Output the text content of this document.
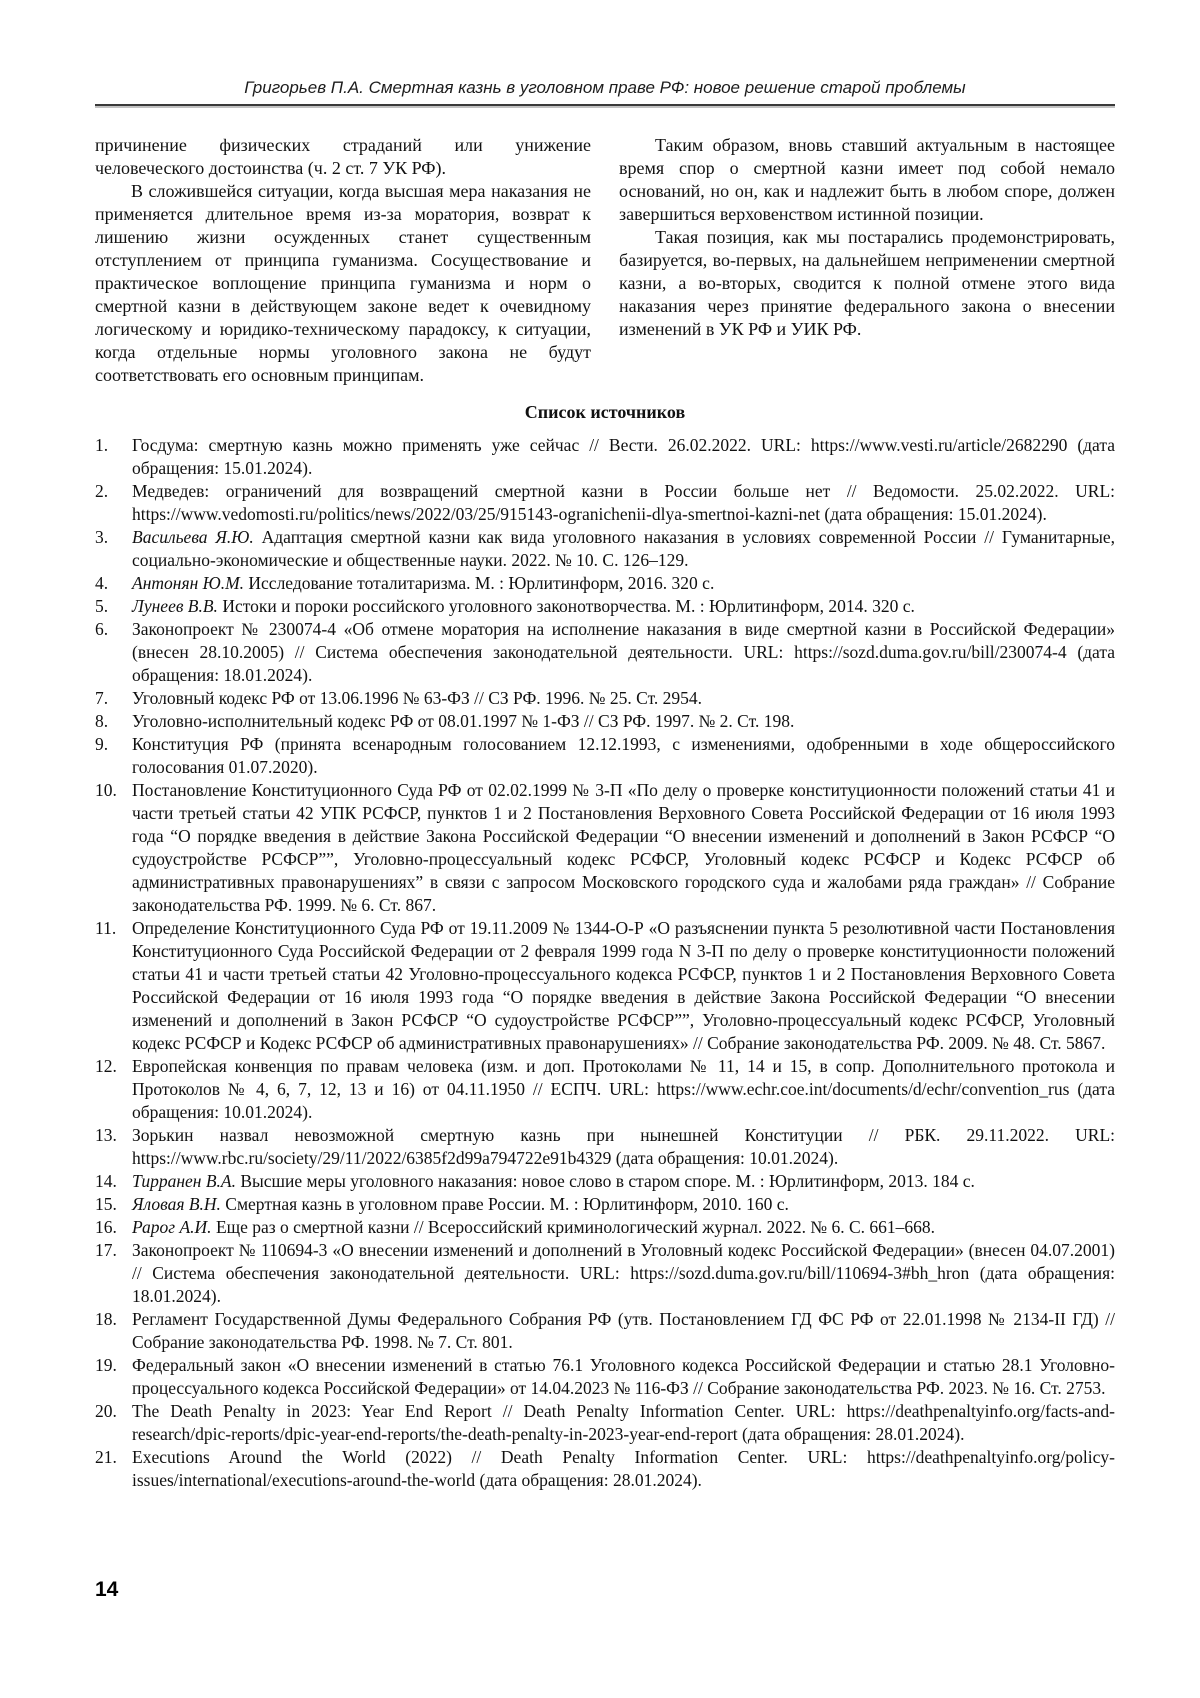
Григорьев П.А. Смертная казнь в уголовном праве РФ: новое решение старой проблемы

причинение физических страданий или унижение человеческого достоинства (ч. 2 ст. 7 УК РФ).

В сложившейся ситуации, когда высшая мера наказания не применяется длительное время из-за моратория, возврат к лишению жизни осужденных станет существенным отступлением от принципа гуманизма. Сосуществование и практическое воплощение принципа гуманизма и норм о смертной казни в действующем законе ведет к очевидному логическому и юридико-техническому парадоксу, к ситуации, когда отдельные нормы уголовного закона не будут соответствовать его основным принципам.

Таким образом, вновь ставший актуальным в настоящее время спор о смертной казни имеет под собой немало оснований, но он, как и надлежит быть в любом споре, должен завершиться верховенством истинной позиции.

Такая позиция, как мы постарались продемонстрировать, базируется, во-первых, на дальнейшем неприменении смертной казни, а во-вторых, сводится к полной отмене этого вида наказания через принятие федерального закона о внесении изменений в УК РФ и УИК РФ.

Список источников
1.	Госдума: смертную казнь можно применять уже сейчас // Вести. 26.02.2022. URL: https://www.vesti.ru/article/2682290 (дата обращения: 15.01.2024).
2.	Медведев: ограничений для возвращений смертной казни в России больше нет // Ведомости. 25.02.2022. URL: https://www.vedomosti.ru/politics/news/2022/03/25/915143-ogranichenii-dlya-smertnoi-kazni-net (дата обращения: 15.01.2024).
3.	Васильева Я.Ю. Адаптация смертной казни как вида уголовного наказания в условиях современной России // Гуманитарные, социально-экономические и общественные науки. 2022. № 10. С. 126–129.
4.	Антонян Ю.М. Исследование тоталитаризма. М. : Юрлитинформ, 2016. 320 с.
5.	Лунеев В.В. Истоки и пороки российского уголовного законотворчества. М. : Юрлитинформ, 2014. 320 с.
6.	Законопроект № 230074-4 «Об отмене моратория на исполнение наказания в виде смертной казни в Российской Федерации» (внесен 28.10.2005) // Система обеспечения законодательной деятельности. URL: https://sozd.duma.gov.ru/bill/230074-4 (дата обращения: 18.01.2024).
7.	Уголовный кодекс РФ от 13.06.1996 № 63-ФЗ // СЗ РФ. 1996. № 25. Ст. 2954.
8.	Уголовно-исполнительный кодекс РФ от 08.01.1997 № 1-ФЗ // СЗ РФ. 1997. № 2. Ст. 198.
9.	Конституция РФ (принята всенародным голосованием 12.12.1993, с изменениями, одобренными в ходе общероссийского голосования 01.07.2020).
10. Постановление Конституционного Суда РФ от 02.02.1999 № 3-П «По делу о проверке конституционности положений статьи 41 и части третьей статьи 42 УПК РСФСР, пунктов 1 и 2 Постановления Верховного Совета Российской Федерации от 16 июля 1993 года “О порядке введения в действие Закона Российской Федерации “О внесении изменений и дополнений в Закон РСФСР “О судоустройстве РСФСР””, Уголовно-процессуальный кодекс РСФСР, Уголовный кодекс РСФСР и Кодекс РСФСР об административных правонарушениях” в связи с запросом Московского городского суда и жалобами ряда граждан» // Собрание законодательства РФ. 1999. № 6. Ст. 867.
11. Определение Конституционного Суда РФ от 19.11.2009 № 1344-О-Р «О разъяснении пункта 5 резолютивной части Постановления Конституционного Суда Российской Федерации от 2 февраля 1999 года N 3-П по делу о проверке конституционности положений статьи 41 и части третьей статьи 42 Уголовно-процессуального кодекса РСФСР, пунктов 1 и 2 Постановления Верховного Совета Российской Федерации от 16 июля 1993 года “О порядке введения в действие Закона Российской Федерации “О внесении изменений и дополнений в Закон РСФСР “О судоустройстве РСФСР””, Уголовно-процессуальный кодекс РСФСР, Уголовный кодекс РСФСР и Кодекс РСФСР об административных правонарушениях» // Собрание законодательства РФ. 2009. № 48. Ст. 5867.
12. Европейская конвенция по правам человека (изм. и доп. Протоколами № 11, 14 и 15, в сопр. Дополнительного протокола и Протоколов № 4, 6, 7, 12, 13 и 16) от 04.11.1950 // ЕСПЧ. URL: https://www.echr.coe.int/documents/d/echr/convention_rus (дата обращения: 10.01.2024).
13. Зорькин назвал невозможной смертную казнь при нынешней Конституции // РБК. 29.11.2022. URL: https://www.rbc.ru/society/29/11/2022/6385f2d99a794722e91b4329 (дата обращения: 10.01.2024).
14. Тирранен В.А. Высшие меры уголовного наказания: новое слово в старом споре. М. : Юрлитинформ, 2013. 184 с.
15. Яловая В.Н. Смертная казнь в уголовном праве России. М. : Юрлитинформ, 2010. 160 с.
16. Рарог А.И. Еще раз о смертной казни // Всероссийский криминологический журнал. 2022. № 6. С. 661–668.
17. Законопроект № 110694-3 «О внесении изменений и дополнений в Уголовный кодекс Российской Федерации» (внесен 04.07.2001) // Система обеспечения законодательной деятельности. URL: https://sozd.duma.gov.ru/bill/110694-3#bh_hron (дата обращения: 18.01.2024).
18. Регламент Государственной Думы Федерального Собрания РФ (утв. Постановлением ГД ФС РФ от 22.01.1998 № 2134-II ГД) // Собрание законодательства РФ. 1998. № 7. Ст. 801.
19. Федеральный закон «О внесении изменений в статью 76.1 Уголовного кодекса Российской Федерации и статью 28.1 Уголовно-процессуального кодекса Российской Федерации» от 14.04.2023 № 116-ФЗ // Собрание законодательства РФ. 2023. № 16. Ст. 2753.
20. The Death Penalty in 2023: Year End Report // Death Penalty Information Center. URL: https://deathpenaltyinfo.org/facts-and-research/dpic-reports/dpic-year-end-reports/the-death-penalty-in-2023-year-end-report (дата обращения: 28.01.2024).
21. Executions Around the World (2022) // Death Penalty Information Center. URL: https://deathpenaltyinfo.org/policy-issues/international/executions-around-the-world (дата обращения: 28.01.2024).
14
